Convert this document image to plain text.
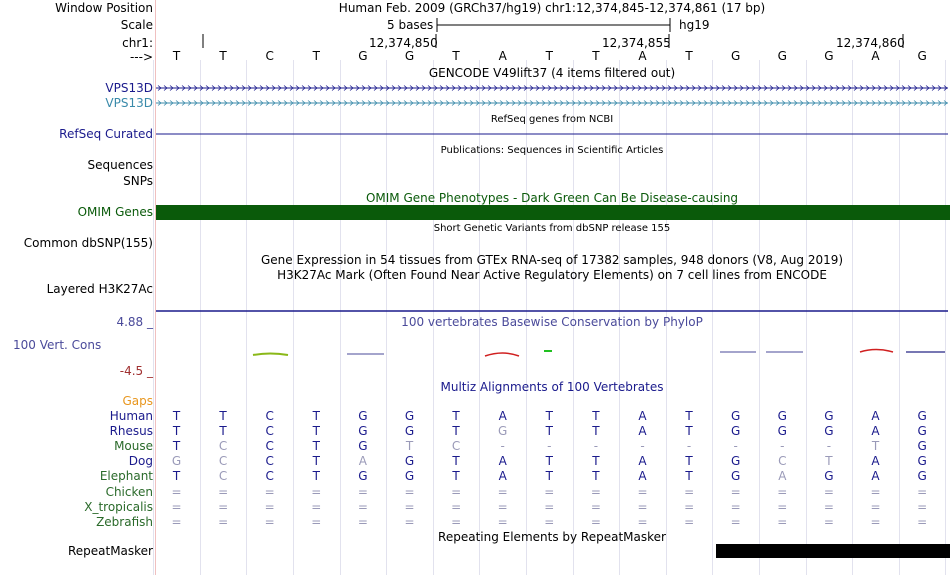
Window Position	Human Feb. 2009 (GRCh37/hg19) chr1:12,374,845-12,374,861 (17 bp)
Scale	5 bases	hg19
chr1:	12,374,850	12,374,855	12,374,860
--->	T	T	C	T	G	G	T	A	T	T	A	T	G	G	G	A	G
GENCODE V49lift37 (4 items filtered out)
VPS13D
VPS13D
RefSeq genes from NCBI
RefSeq Curated
Publications: Sequences in Scientific Articles
Sequences
SNPs
OMIM Gene Phenotypes - Dark Green Can Be Disease-causing
OMIM Genes
Short Genetic Variants from dbSNP release 155
Common dbSNP(155)
Gene Expression in 54 tissues from GTEx RNA-seq of 17382 samples, 948 donors (V8, Aug 2019)
H3K27Ac Mark (Often Found Near Active Regulatory Elements) on 7 cell lines from ENCODE
Layered H3K27Ac
100 vertebrates Basewise Conservation by PhyloP
4.88 _
100 Vert. Cons
-4.5 _
Multiz Alignments of 100 Vertebrates
Gaps
Human	T	T	C	T	G	G	T	A	T	T	A	T	G	G	G	A	G
Rhesus	T	T	C	T	G	G	T	G	T	T	A	T	G	G	G	A	G
Mouse	T	C	C	T	G	T	C	-	-	-	-	-	-	-	-	T	G
Dog	G	C	C	T	A	G	T	A	T	T	A	T	G	C	T	A	G
Elephant	T	C	C	T	G	G	T	A	T	T	A	T	G	A	G	A	G
Chicken	=	=	=	=	=	=	=	=	=	=	=	=	=	=	=	=	=
X_tropicalis	=	=	=	=	=	=	=	=	=	=	=	=	=	=	=	=	=
Zebrafish	=	=	=	=	=	=	=	=	=	=	=	=	=	=	=	=	=
Repeating Elements by RepeatMasker
RepeatMasker
